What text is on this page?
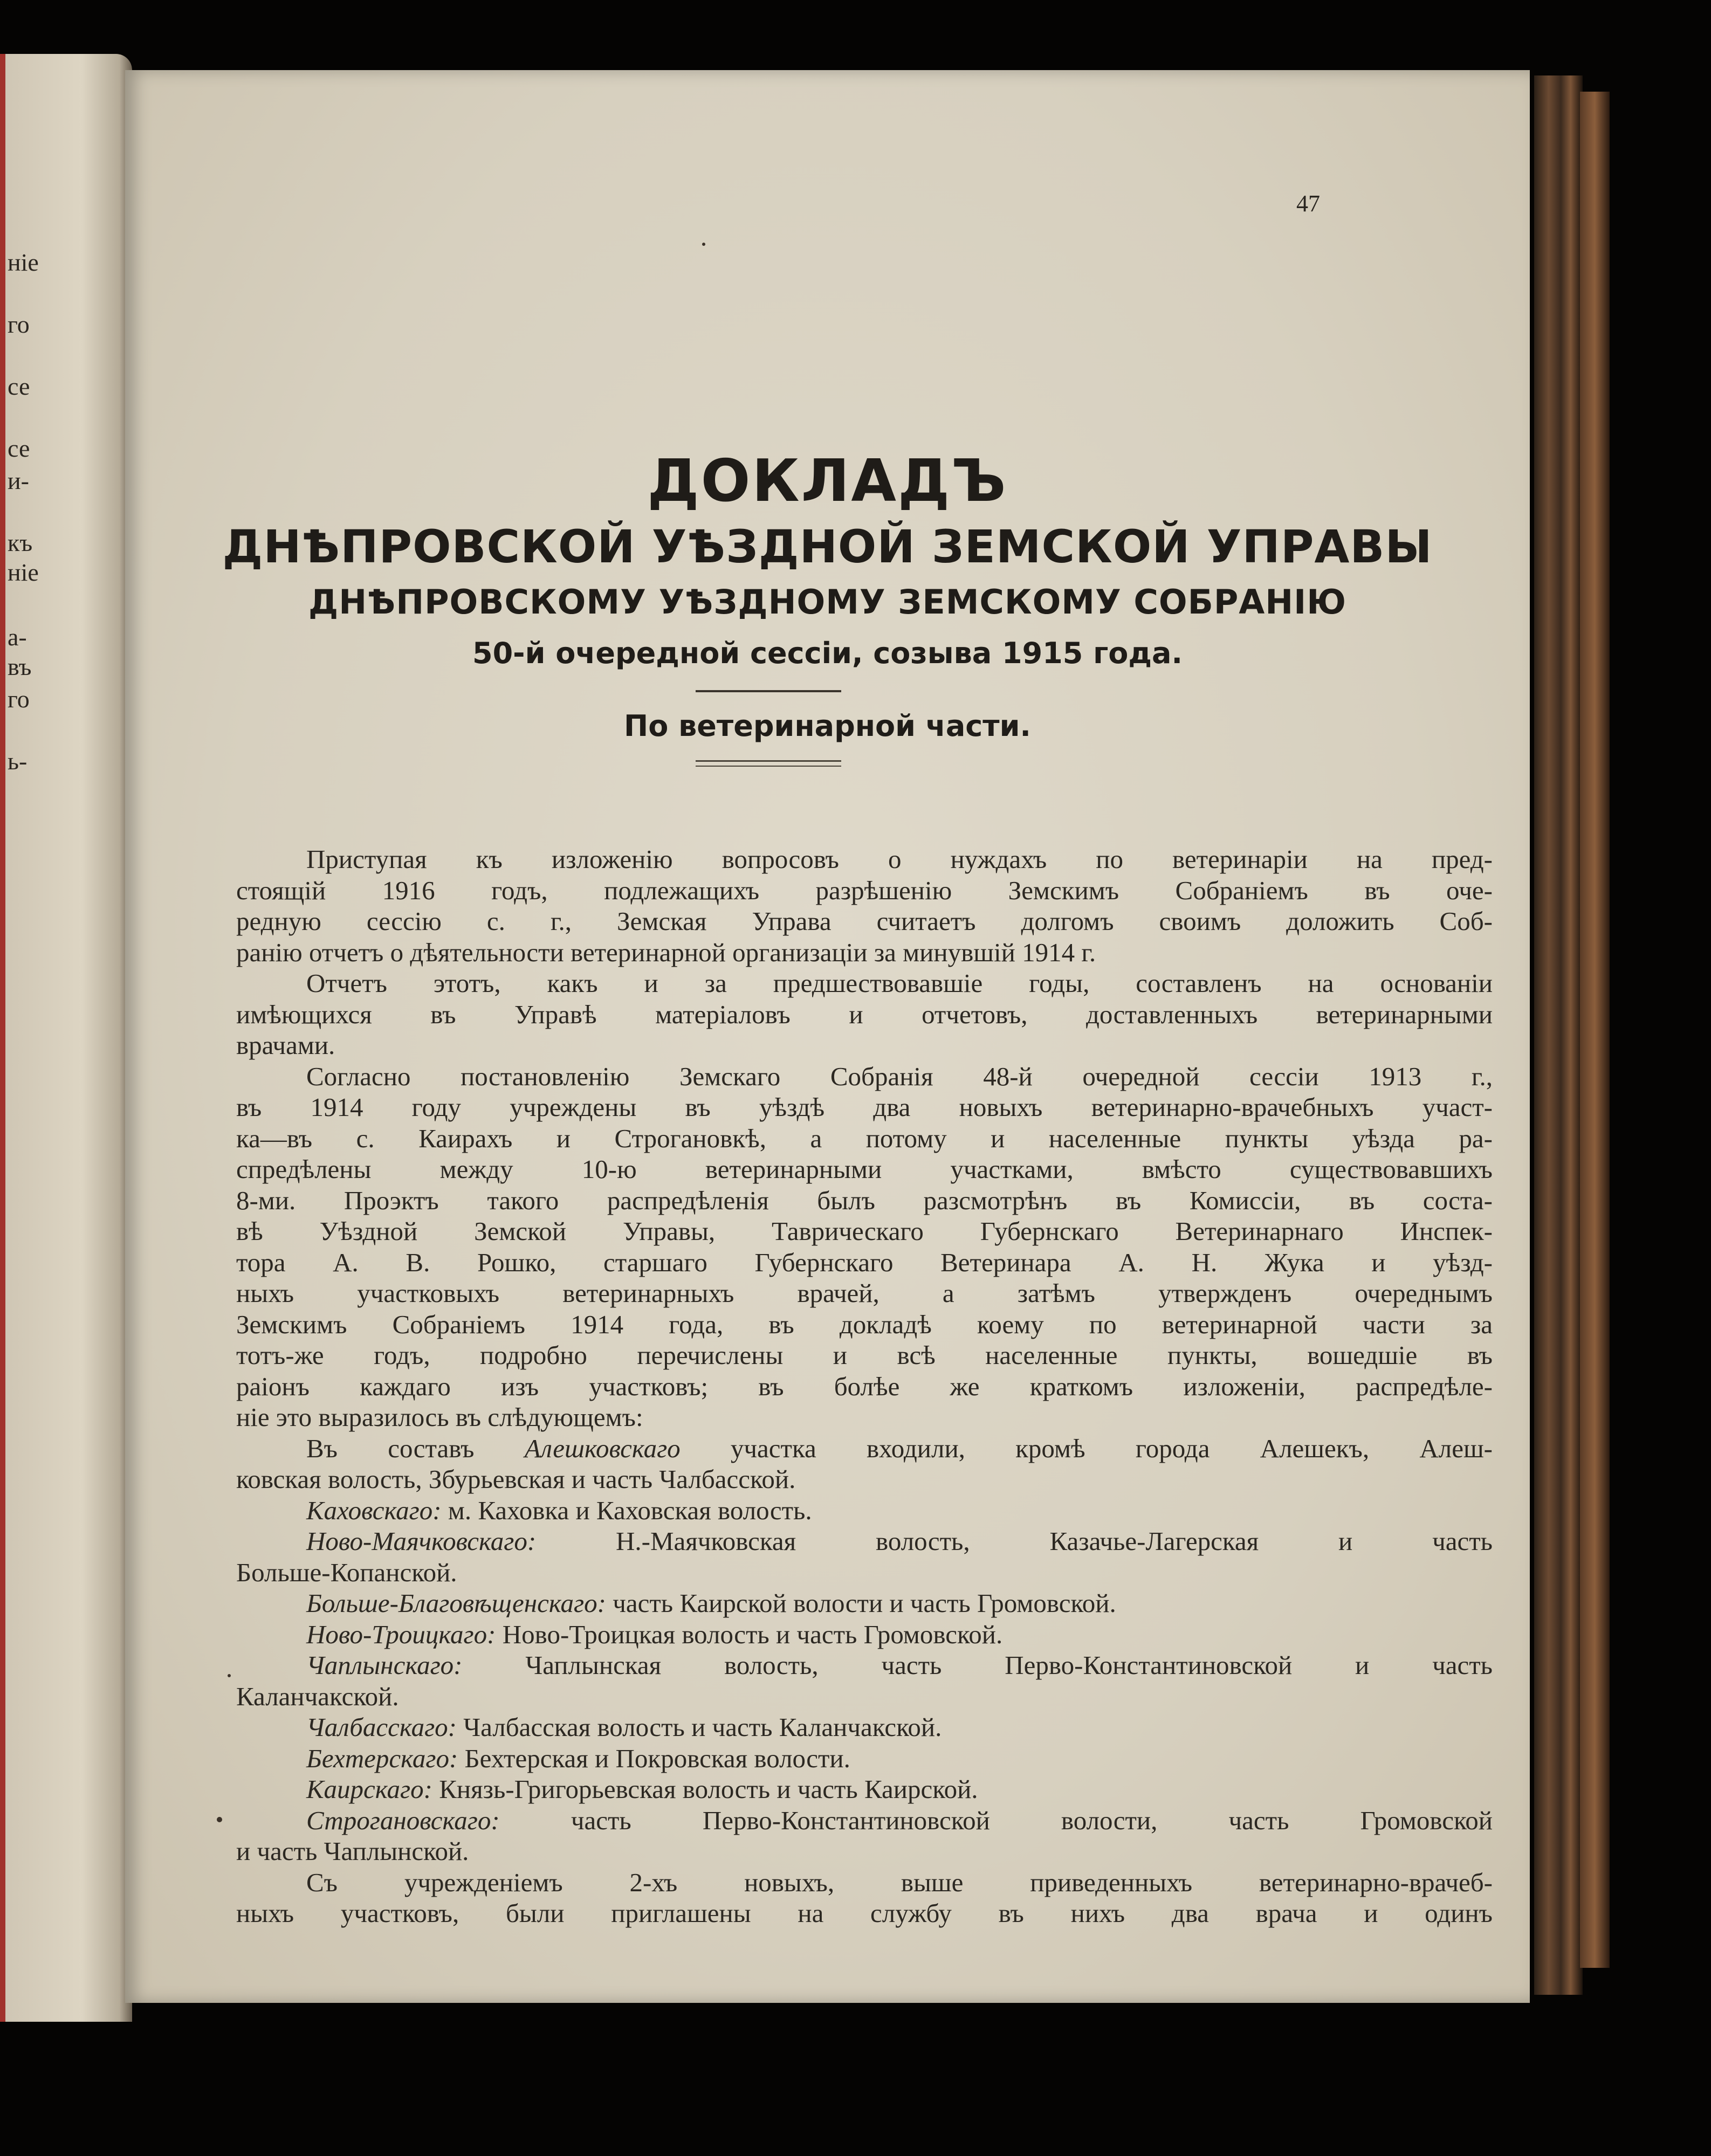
ніе
го
се
се
и-
къ
ніе
а-
въ
го
ь-
47
ДОКЛАДЪ
ДНѢПРОВСКОЙ УѢЗДНОЙ ЗЕМСКОЙ УПРАВЫ
ДНѢПРОВСКОМУ УѢЗДНОМУ ЗЕМСКОМУ СОБРАНІЮ
50-й очередной сессіи, созыва 1915 года.
По ветеринарной части.
Приступая къ изложенію вопросовъ о нуждахъ по ветеринаріи на пред-
стоящій 1916 годъ, подлежащихъ разрѣшенію Земскимъ Собраніемъ въ оче-
редную сессію с. г., Земская Управа считаетъ долгомъ своимъ доложить Соб-
ранію отчетъ о дѣятельности ветеринарной организаціи за минувшій 1914 г.
Отчетъ этотъ, какъ и за предшествовавшіе годы, составленъ на основаніи
имѣющихся въ Управѣ матеріаловъ и отчетовъ, доставленныхъ ветеринарными
врачами.
Согласно постановленію Земскаго Собранія 48-й очередной сессіи 1913 г.,
въ 1914 году учреждены въ уѣздѣ два новыхъ ветеринарно-врачебныхъ участ-
ка—въ с. Каирахъ и Строгановкѣ, а потому и населенные пункты уѣзда ра-
спредѣлены между 10-ю ветеринарными участками, вмѣсто существовавшихъ
8-ми. Проэктъ такого распредѣленія былъ разсмотрѣнъ въ Комиссіи, въ соста-
вѣ Уѣздной Земской Управы, Таврическаго Губернскаго Ветеринарнаго Инспек-
тора А. В. Рошко, старшаго Губернскаго Ветеринара А. Н. Жука и уѣзд-
ныхъ участковыхъ ветеринарныхъ врачей, а затѣмъ утвержденъ очереднымъ
Земскимъ Собраніемъ 1914 года, въ докладѣ коему по ветеринарной части за
тотъ-же годъ, подробно перечислены и всѣ населенные пункты, вошедшіе въ
раіонъ каждаго изъ участковъ; въ болѣе же краткомъ изложеніи, распредѣле-
ніе это выразилось въ слѣдующемъ:
Въ составъ Алешковскаго участка входили, кромѣ города Алешекъ, Алеш-
ковская волость, Збурьевская и часть Чалбасской.
Каховскаго: м. Каховка и Каховская волость.
Ново-Маячковскаго: Н.-Маячковская волость, Казачье-Лагерская и часть
Больше-Копанской.
Больше-Благовѣщенскаго: часть Каирской волости и часть Громовской.
Ново-Троицкаго: Ново-Троицкая волость и часть Громовской.
Чаплынскаго: Чаплынская волость, часть Перво-Константиновской и часть
Каланчакской.
Чалбасскаго: Чалбасская волость и часть Каланчакской.
Бехтерскаго: Бехтерская и Покровская волости.
Каирскаго: Князь-Григорьевская волость и часть Каирской.
Строгановскаго: часть Перво-Константиновской волости, часть Громовской
и часть Чаплынской.
Съ учрежденіемъ 2-хъ новыхъ, выше приведенныхъ ветеринарно-врачеб-
ныхъ участковъ, были приглашены на службу въ нихъ два врача и одинъ
